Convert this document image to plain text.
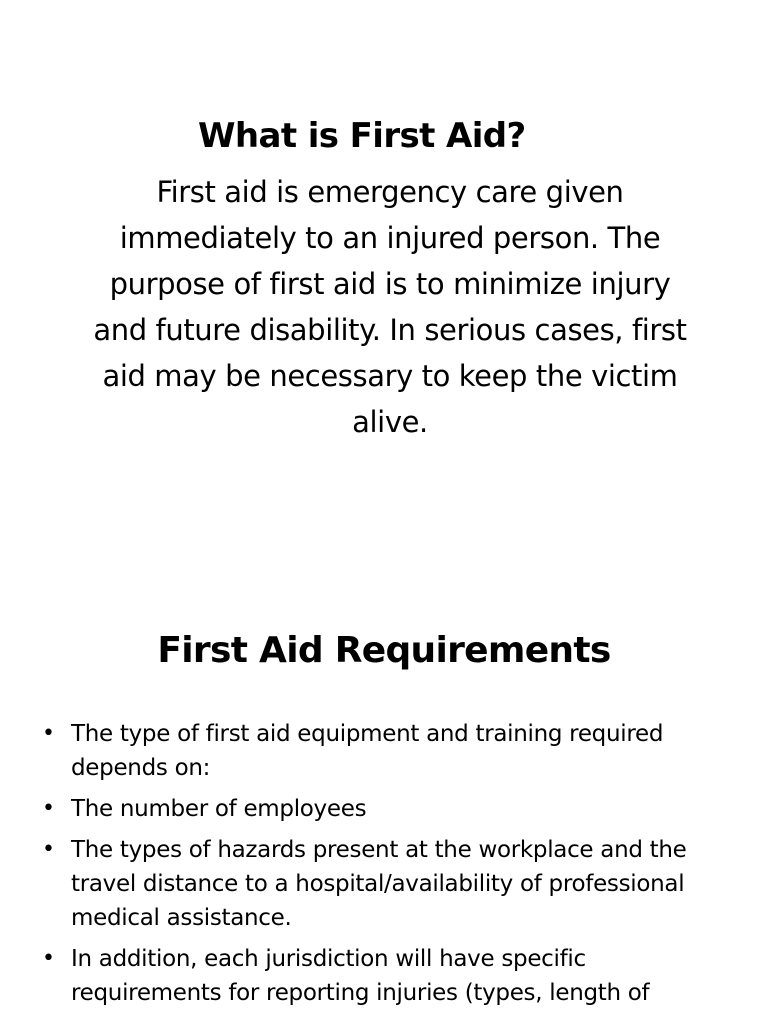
What is First Aid?
First aid is emergency care given immediately to an injured person. The purpose of first aid is to minimize injury and future disability. In serious cases, first aid may be necessary to keep the victim alive.
First Aid Requirements
• The type of first aid equipment and training required depends on:
• The number of employees
• The types of hazards present at the workplace and the travel distance to a hospital/availability of professional medical assistance.
• In addition, each jurisdiction will have specific requirements for reporting injuries (types, length of
